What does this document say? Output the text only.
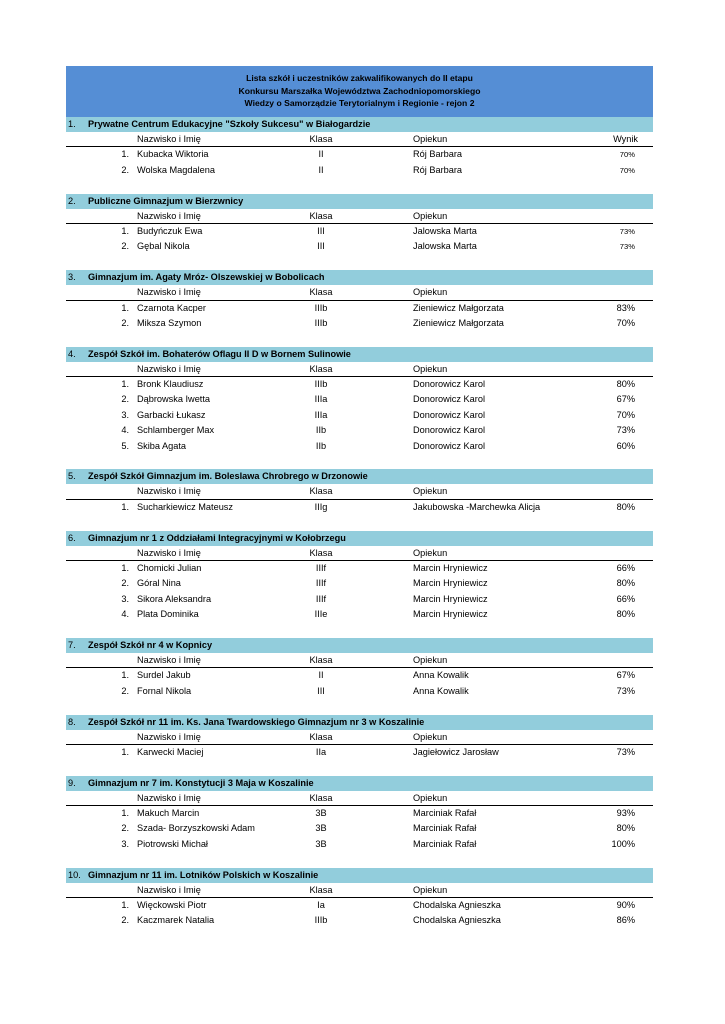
Lista szkół i uczestników zakwalifikowanych do II etapu
Konkursu Marszałka Województwa Zachodniopomorskiego
Wiedzy o Samorządzie Terytorialnym i Regionie - rejon 2
1. Prywatne Centrum Edukacyjne "Szkoły Sukcesu" w Białogardzie
Nazwisko i Imię	Klasa	Opiekun	Wynik
1. Kubacka Wiktoria	II	Rój Barbara	70%
2. Wolska Magdalena	II	Rój Barbara	70%
2. Publiczne Gimnazjum w Bierzwnicy
Nazwisko i Imię	Klasa	Opiekun
1. Budyńczuk Ewa	III	Jalowska Marta	73%
2. Gębal Nikola	III	Jalowska Marta	73%
3. Gimnazjum im. Agaty Mróz- Olszewskiej w Bobolicach
Nazwisko i Imię	Klasa	Opiekun
1. Czarnota Kacper	IIIb	Zieniewicz Małgorzata	83%
2. Miksza Szymon	IIIb	Zieniewicz Małgorzata	70%
4. Zespół Szkół im. Bohaterów Oflagu II D w Bornem Sulinowie
Nazwisko i Imię	Klasa	Opiekun
1. Bronk Klaudiusz	IIIb	Donorowicz Karol	80%
2. Dąbrowska Iwetta	IIIa	Donorowicz Karol	67%
3. Garbacki Łukasz	IIIa	Donorowicz Karol	70%
4. Schlamberger Max	IIb	Donorowicz Karol	73%
5. Skiba Agata	IIb	Donorowicz Karol	60%
5. Zespół Szkół Gimnazjum im. Boleslawa Chrobrego w Drzonowie
Nazwisko i Imię	Klasa	Opiekun
1. Sucharkiewicz Mateusz	IIIg	Jakubowska -Marchewka Alicja	80%
6. Gimnazjum nr 1 z Oddziałami Integracyjnymi w Kołobrzegu
Nazwisko i Imię	Klasa	Opiekun
1. Chomicki Julian	IIIf	Marcin Hryniewicz	66%
2. Góral Nina	IIIf	Marcin Hryniewicz	80%
3. Sikora Aleksandra	IIIf	Marcin Hryniewicz	66%
4. Plata Dominika	IIIe	Marcin Hryniewicz	80%
7. Zespół Szkół nr 4 w Kopnicy
Nazwisko i Imię	Klasa	Opiekun
1. Surdel Jakub	II	Anna Kowalik	67%
2. Fornal Nikola	III	Anna Kowalik	73%
8. Zespół Szkół nr 11 im. Ks. Jana Twardowskiego Gimnazjum nr 3 w Koszalinie
Nazwisko i Imię	Klasa	Opiekun
1. Karwecki Maciej	IIa	Jagiełowicz Jarosław	73%
9. Gimnazjum nr 7 im. Konstytucji 3 Maja w Koszalinie
Nazwisko i Imię	Klasa	Opiekun
1. Makuch Marcin	3B	Marciniak Rafał	93%
2. Szada- Borzyszkowski Adam	3B	Marciniak Rafał	80%
3. Piotrowski Michał	3B	Marciniak Rafał	100%
10. Gimnazjum nr 11 im. Lotników Polskich w Koszalinie
Nazwisko i Imię	Klasa	Opiekun
1. Więckowski Piotr	Ia	Chodalska Agnieszka	90%
2. Kaczmarek Natalia	IIIb	Chodalska Agnieszka	86%
